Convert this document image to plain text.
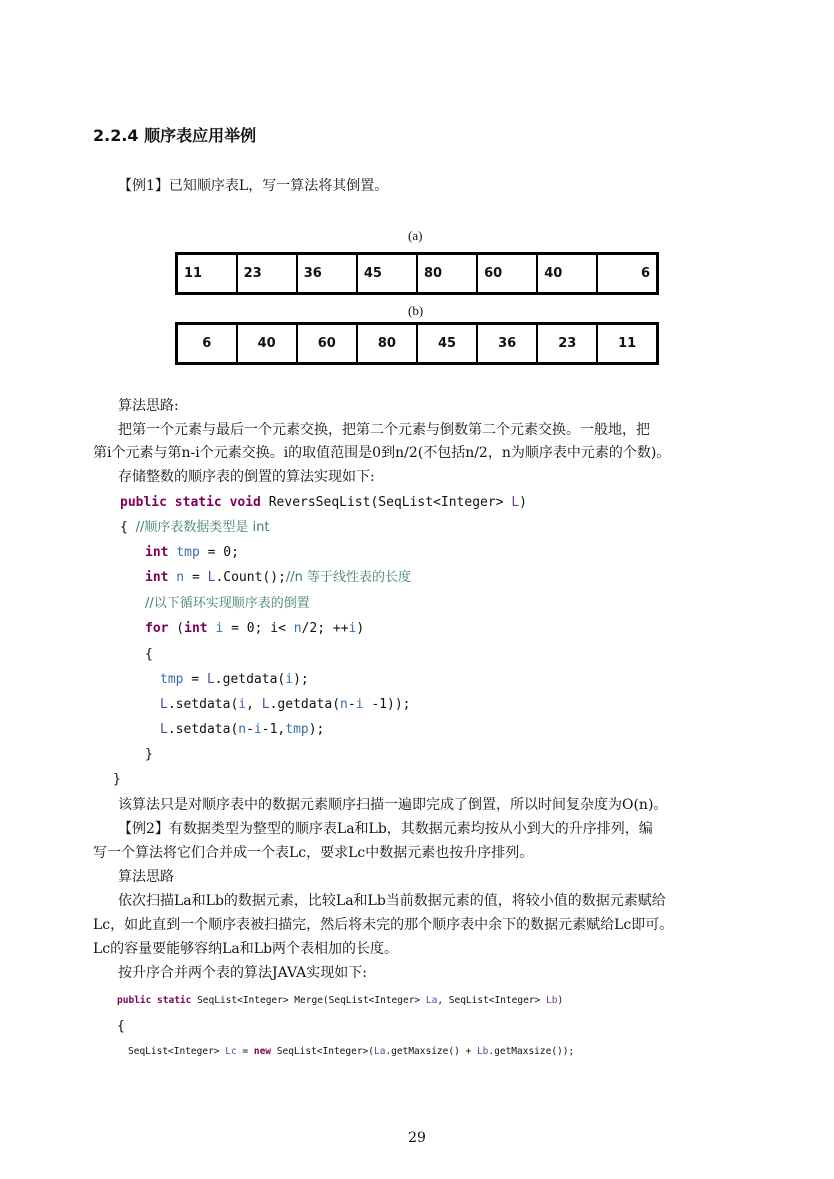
2.2.4 顺序表应用举例
【例1】已知顺序表L，写一算法将其倒置。
(a)
11	23	36	45	80	60	40	6
(b)
6	40	60	80	45	36	23	11
算法思路:
把第一个元素与最后一个元素交换，把第二个元素与倒数第二个元素交换。一般地，把
第i个元素与第n-i个元素交换。i的取值范围是0到n/2(不包括n/2，n为顺序表中元素的个数)。
存储整数的顺序表的倒置的算法实现如下:
public static void ReversSeqList(SeqList<Integer> L)
{ //顺序表数据类型是 int
int tmp = 0;
int n = L.Count();//n 等于线性表的长度
//以下循环实现顺序表的倒置
for (int i = 0; i< n/2; ++i)
{
tmp = L.getdata(i);
L.setdata(i, L.getdata(n-i -1));
L.setdata(n-i-1,tmp);
}
}
该算法只是对顺序表中的数据元素顺序扫描一遍即完成了倒置，所以时间复杂度为O(n)。
【例2】有数据类型为整型的顺序表La和Lb，其数据元素均按从小到大的升序排列，编
写一个算法将它们合并成一个表Lc，要求Lc中数据元素也按升序排列。
算法思路
依次扫描La和Lb的数据元素，比较La和Lb当前数据元素的值，将较小值的数据元素赋给
Lc，如此直到一个顺序表被扫描完，然后将未完的那个顺序表中余下的数据元素赋给Lc即可。
Lc的容量要能够容纳La和Lb两个表相加的长度。
按升序合并两个表的算法JAVA实现如下:
public static SeqList<Integer> Merge(SeqList<Integer> La, SeqList<Integer> Lb)
{
SeqList<Integer> Lc = new SeqList<Integer>(La.getMaxsize() + Lb.getMaxsize());
29
